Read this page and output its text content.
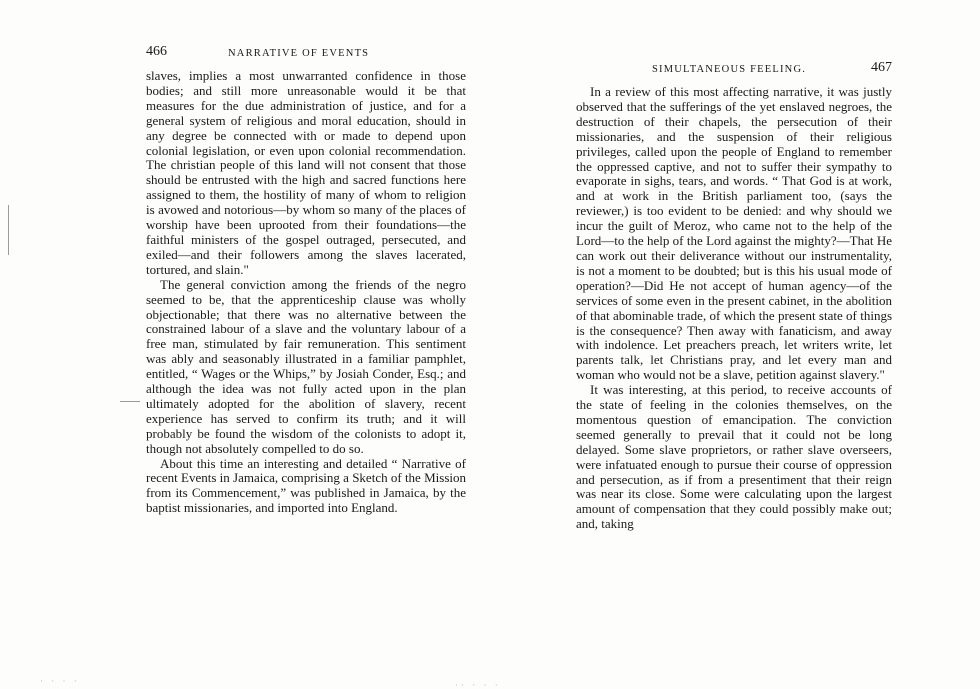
466	NARRATIVE OF EVENTS

slaves, implies a most unwarranted confidence in those bodies; and still more unreasonable would it be that measures for the due administration of justice, and for a general system of religious and moral education, should in any degree be connected with or made to depend upon colonial legislation, or even upon colonial recommendation. The christian people of this land will not consent that those should be entrusted with the high and sacred functions here assigned to them, the hostility of many of whom to religion is avowed and notorious—by whom so many of the places of worship have been uprooted from their foundations—the faithful ministers of the gospel outraged, persecuted, and exiled—and their followers among the slaves lacerated, tortured, and slain."

The general conviction among the friends of the negro seemed to be, that the apprenticeship clause was wholly objectionable; that there was no alternative between the constrained labour of a slave and the voluntary labour of a free man, stimulated by fair remuneration. This sentiment was ably and seasonably illustrated in a familiar pamphlet, entitled, “ Wages or the Whips,” by Josiah Conder, Esq.; and although the idea was not fully acted upon in the plan ultimately adopted for the abolition of slavery, recent experience has served to confirm its truth; and it will probably be found the wisdom of the colonists to adopt it, though not absolutely compelled to do so.

About this time an interesting and detailed “ Narrative of recent Events in Jamaica, comprising a Sketch of the Mission from its Commencement,” was published in Jamaica, by the baptist missionaries, and imported into England.

SIMULTANEOUS FEELING.	467

In a review of this most affecting narrative, it was justly observed that the sufferings of the yet enslaved negroes, the destruction of their chapels, the persecution of their missionaries, and the suspension of their religious privileges, called upon the people of England to remember the oppressed captive, and not to suffer their sympathy to evaporate in sighs, tears, and words. “ That God is at work, and at work in the British parliament too, (says the reviewer,) is too evident to be denied: and why should we incur the guilt of Meroz, who came not to the help of the Lord—to the help of the Lord against the mighty?—That He can work out their deliverance without our instrumentality, is not a moment to be doubted; but is this his usual mode of operation?—Did He not accept of human agency—of the services of some even in the present cabinet, in the abolition of that abominable trade, of which the present state of things is the consequence? Then away with fanaticism, and away with indolence. Let preachers preach, let writers write, let parents talk, let Christians pray, and let every man and woman who would not be a slave, petition against slavery."

It was interesting, at this period, to receive accounts of the state of feeling in the colonies themselves, on the momentous question of emancipation. The conviction seemed generally to prevail that it could not be long delayed. Some slave proprietors, or rather slave overseers, were infatuated enough to pursue their course of oppression and persecution, as if from a presentiment that their reign was near its close. Some were calculating upon the largest amount of compensation that they could possibly make out; and, taking

· · · ·	·· · · ·
